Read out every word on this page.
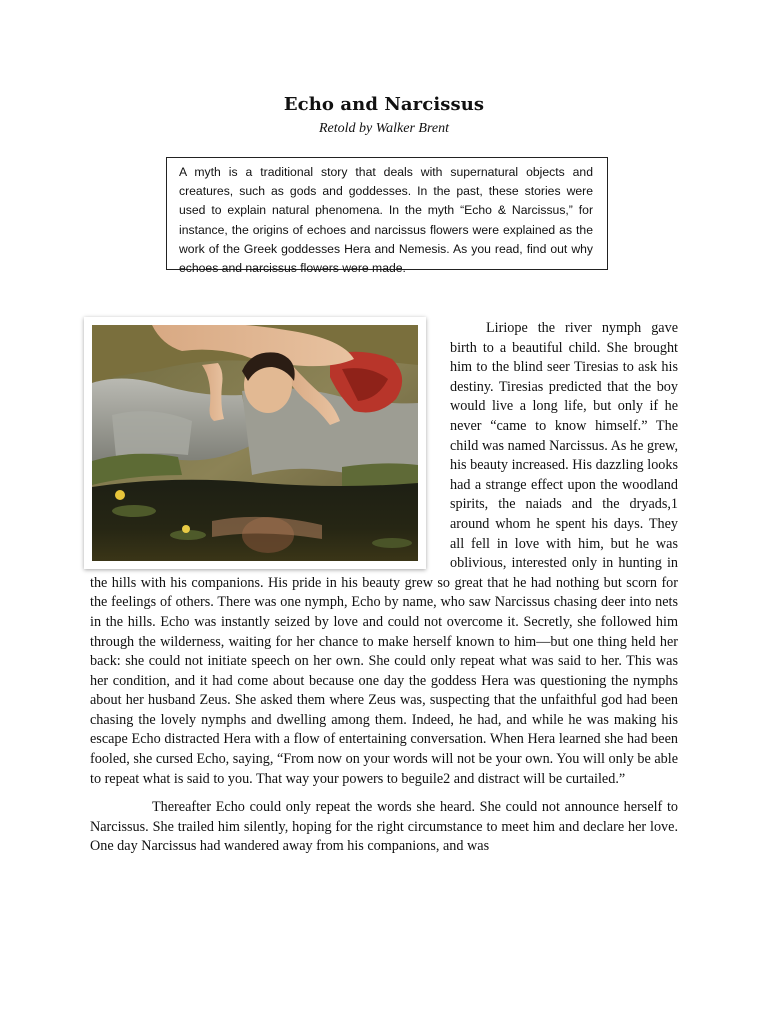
Echo and Narcissus
Retold by Walker Brent
A myth is a traditional story that deals with supernatural objects and creatures, such as gods and goddesses. In the past, these stories were used to explain natural phenomena. In the myth “Echo & Narcissus,” for instance, the origins of echoes and narcissus flowers were explained as the work of the Greek goddesses Hera and Nemesis. As you read, find out why echoes and narcissus flowers were made.

Liriope the river nymph gave birth to a beautiful child. She brought him to the blind seer Tiresias to ask his destiny. Tiresias predicted that the boy would live a long life, but only if he never “came to know himself.” The child was named Narcissus. As he grew, his beauty increased. His dazzling looks had a strange effect upon the woodland spirits, the naiads and the dryads,1 around whom he spent his days. They all fell in love with him, but he was oblivious, interested only in hunting in the hills with his companions. His pride in his beauty grew so great that he had nothing but scorn for the feelings of others. There was one nymph, Echo by name, who saw Narcissus chasing deer into nets in the hills. Echo was instantly seized by love and could not overcome it. Secretly, she followed him through the wilderness, waiting for her chance to make herself known to him—but one thing held her back: she could not initiate speech on her own. She could only repeat what was said to her. This was her condition, and it had come about because one day the goddess Hera was questioning the nymphs about her husband Zeus. She asked them where Zeus was, suspecting that the unfaithful god had been chasing the lovely nymphs and dwelling among them. Indeed, he had, and while he was making his escape Echo distracted Hera with a flow of entertaining conversation. When Hera learned she had been fooled, she cursed Echo, saying, “From now on your words will not be your own. You will only be able to repeat what is said to you. That way your powers to beguile2 and distract will be curtailed.”

Thereafter Echo could only repeat the words she heard. She could not announce herself to Narcissus. She trailed him silently, hoping for the right circumstance to meet him and declare her love. One day Narcissus had wandered away from his companions, and was
